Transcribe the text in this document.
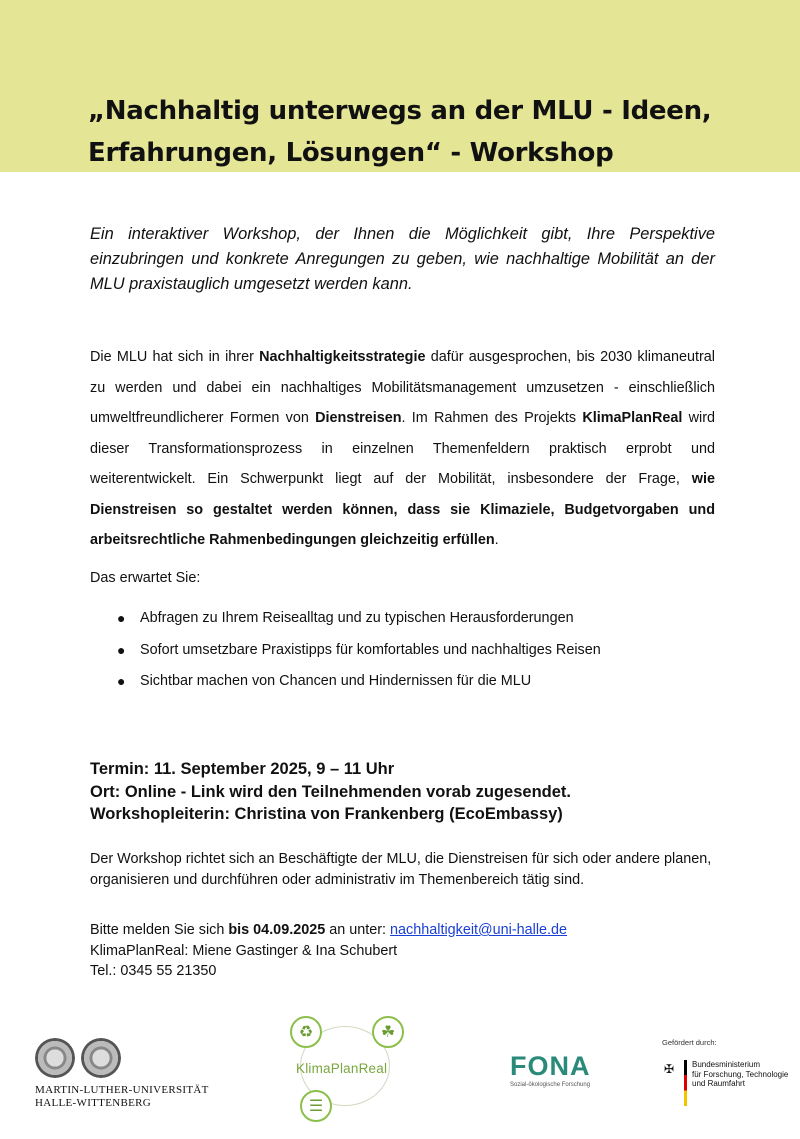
„Nachhaltig unterwegs an der MLU - Ideen, Erfahrungen, Lösungen“ - Workshop

Ein interaktiver Workshop, der Ihnen die Möglichkeit gibt, Ihre Perspektive einzubringen und konkrete Anregungen zu geben, wie nachhaltige Mobilität an der MLU praxistauglich umgesetzt werden kann.

Die MLU hat sich in ihrer Nachhaltigkeitsstrategie dafür ausgesprochen, bis 2030 klimaneutral zu werden und dabei ein nachhaltiges Mobilitätsmanagement umzusetzen - einschließlich umweltfreundlicherer Formen von Dienstreisen. Im Rahmen des Projekts KlimaPlanReal wird dieser Transformationsprozess in einzelnen Themenfeldern praktisch erprobt und weiterentwickelt. Ein Schwerpunkt liegt auf der Mobilität, insbesondere der Frage, wie Dienstreisen so gestaltet werden können, dass sie Klimaziele, Budgetvorgaben und arbeitsrechtliche Rahmenbedingungen gleichzeitig erfüllen.

Das erwartet Sie:

● Abfragen zu Ihrem Reisealltag und zu typischen Herausforderungen
● Sofort umsetzbare Praxistipps für komfortables und nachhaltiges Reisen
● Sichtbar machen von Chancen und Hindernissen für die MLU
Termin: 11. September 2025, 9 – 11 Uhr
Ort: Online - Link wird den Teilnehmenden vorab zugesendet.
Workshopleiterin: Christina von Frankenberg (EcoEmbassy)

Der Workshop richtet sich an Beschäftigte der MLU, die Dienstreisen für sich oder andere planen, organisieren und durchführen oder administrativ im Themenbereich tätig sind.

Bitte melden Sie sich bis 04.09.2025 an unter: nachhaltigkeit@uni-halle.de
KlimaPlanReal: Miene Gastinger & Ina Schubert
Tel.: 0345 55 21350
MARTIN-LUTHER-UNIVERSITÄT
HALLE-WITTENBERG
♻	☘
☰
KlimaPlanReal	FONA
Sozial-ökologische Forschung
Gefördert durch:
✠	Bundesministerium
für Forschung, Technologie
und Raumfahrt
